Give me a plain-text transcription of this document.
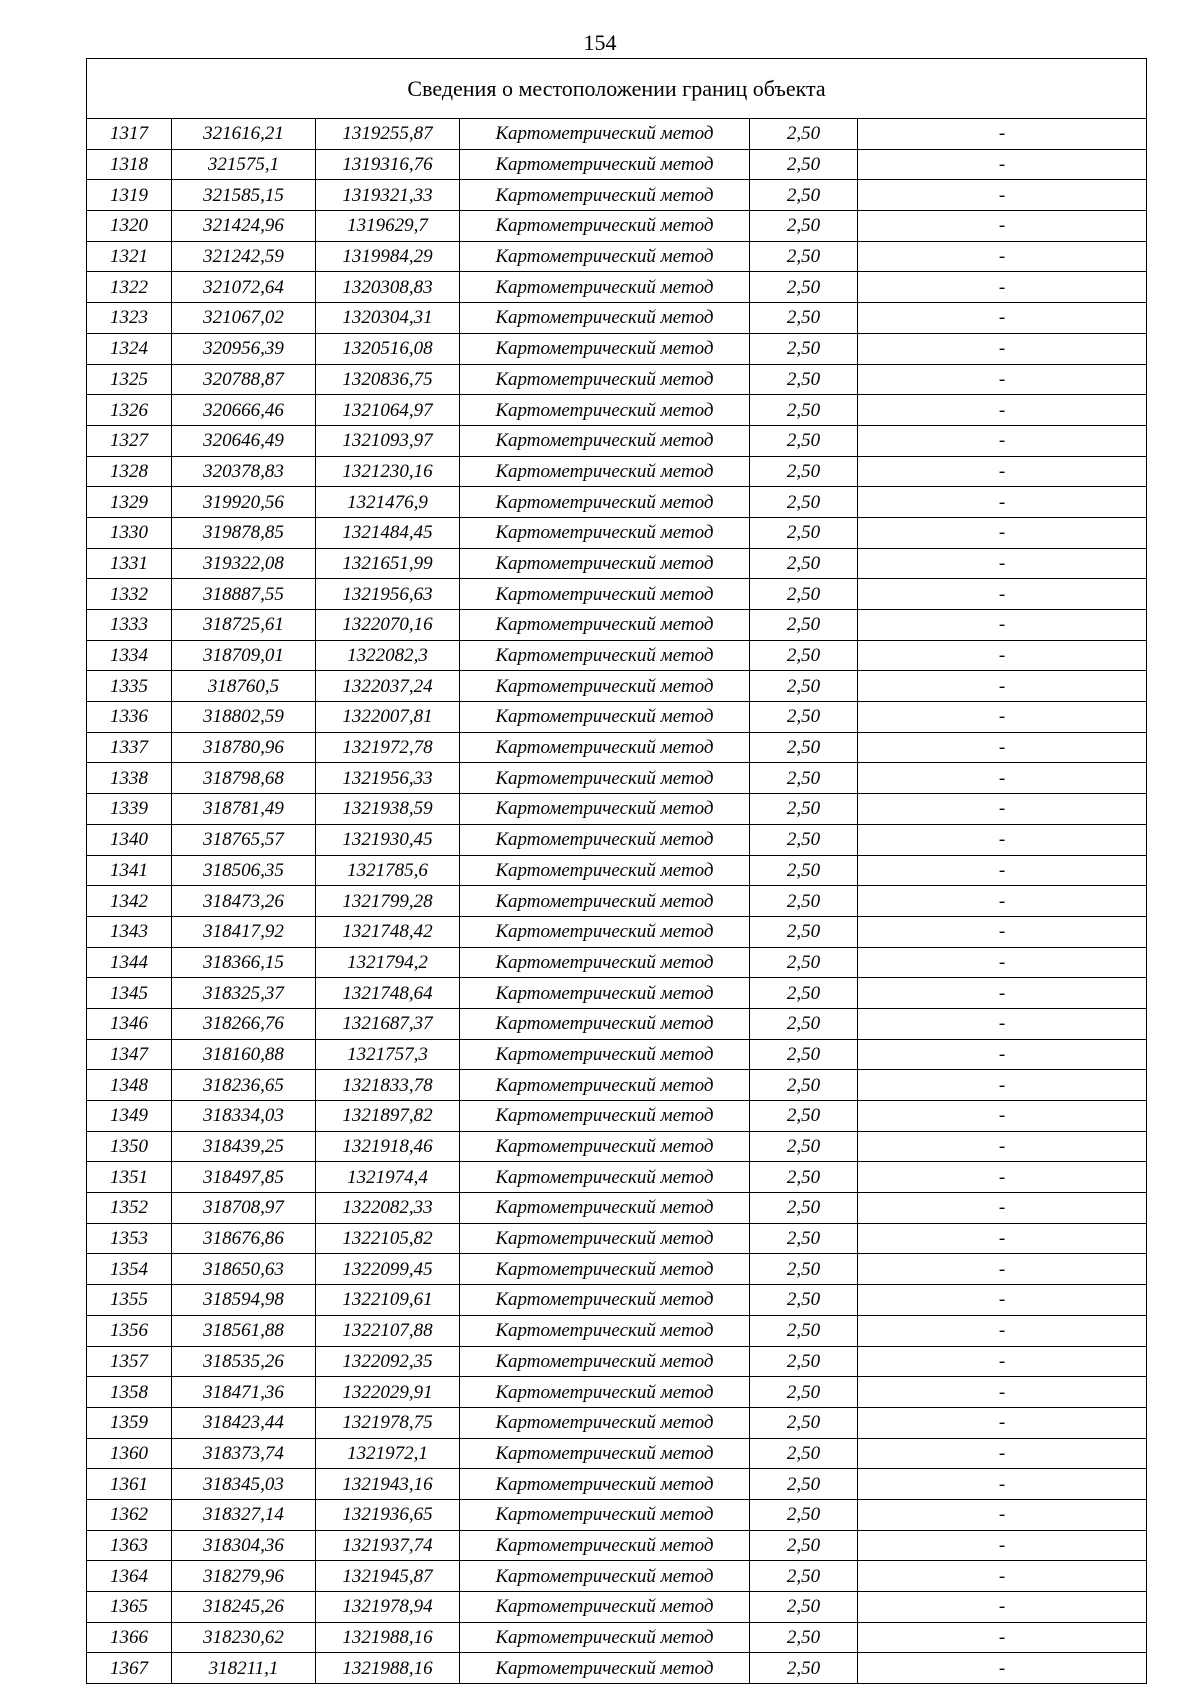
154
Сведения о местоположении границ объекта					
1317	321616,21	1319255,87	Картометрический метод	2,50	-
1318	321575,1	1319316,76	Картометрический метод	2,50	-
1319	321585,15	1319321,33	Картометрический метод	2,50	-
1320	321424,96	1319629,7	Картометрический метод	2,50	-
1321	321242,59	1319984,29	Картометрический метод	2,50	-
1322	321072,64	1320308,83	Картометрический метод	2,50	-
1323	321067,02	1320304,31	Картометрический метод	2,50	-
1324	320956,39	1320516,08	Картометрический метод	2,50	-
1325	320788,87	1320836,75	Картометрический метод	2,50	-
1326	320666,46	1321064,97	Картометрический метод	2,50	-
1327	320646,49	1321093,97	Картометрический метод	2,50	-
1328	320378,83	1321230,16	Картометрический метод	2,50	-
1329	319920,56	1321476,9	Картометрический метод	2,50	-
1330	319878,85	1321484,45	Картометрический метод	2,50	-
1331	319322,08	1321651,99	Картометрический метод	2,50	-
1332	318887,55	1321956,63	Картометрический метод	2,50	-
1333	318725,61	1322070,16	Картометрический метод	2,50	-
1334	318709,01	1322082,3	Картометрический метод	2,50	-
1335	318760,5	1322037,24	Картометрический метод	2,50	-
1336	318802,59	1322007,81	Картометрический метод	2,50	-
1337	318780,96	1321972,78	Картометрический метод	2,50	-
1338	318798,68	1321956,33	Картометрический метод	2,50	-
1339	318781,49	1321938,59	Картометрический метод	2,50	-
1340	318765,57	1321930,45	Картометрический метод	2,50	-
1341	318506,35	1321785,6	Картометрический метод	2,50	-
1342	318473,26	1321799,28	Картометрический метод	2,50	-
1343	318417,92	1321748,42	Картометрический метод	2,50	-
1344	318366,15	1321794,2	Картометрический метод	2,50	-
1345	318325,37	1321748,64	Картометрический метод	2,50	-
1346	318266,76	1321687,37	Картометрический метод	2,50	-
1347	318160,88	1321757,3	Картометрический метод	2,50	-
1348	318236,65	1321833,78	Картометрический метод	2,50	-
1349	318334,03	1321897,82	Картометрический метод	2,50	-
1350	318439,25	1321918,46	Картометрический метод	2,50	-
1351	318497,85	1321974,4	Картометрический метод	2,50	-
1352	318708,97	1322082,33	Картометрический метод	2,50	-
1353	318676,86	1322105,82	Картометрический метод	2,50	-
1354	318650,63	1322099,45	Картометрический метод	2,50	-
1355	318594,98	1322109,61	Картометрический метод	2,50	-
1356	318561,88	1322107,88	Картометрический метод	2,50	-
1357	318535,26	1322092,35	Картометрический метод	2,50	-
1358	318471,36	1322029,91	Картометрический метод	2,50	-
1359	318423,44	1321978,75	Картометрический метод	2,50	-
1360	318373,74	1321972,1	Картометрический метод	2,50	-
1361	318345,03	1321943,16	Картометрический метод	2,50	-
1362	318327,14	1321936,65	Картометрический метод	2,50	-
1363	318304,36	1321937,74	Картометрический метод	2,50	-
1364	318279,96	1321945,87	Картометрический метод	2,50	-
1365	318245,26	1321978,94	Картометрический метод	2,50	-
1366	318230,62	1321988,16	Картометрический метод	2,50	-
1367	318211,1	1321988,16	Картометрический метод	2,50	-
